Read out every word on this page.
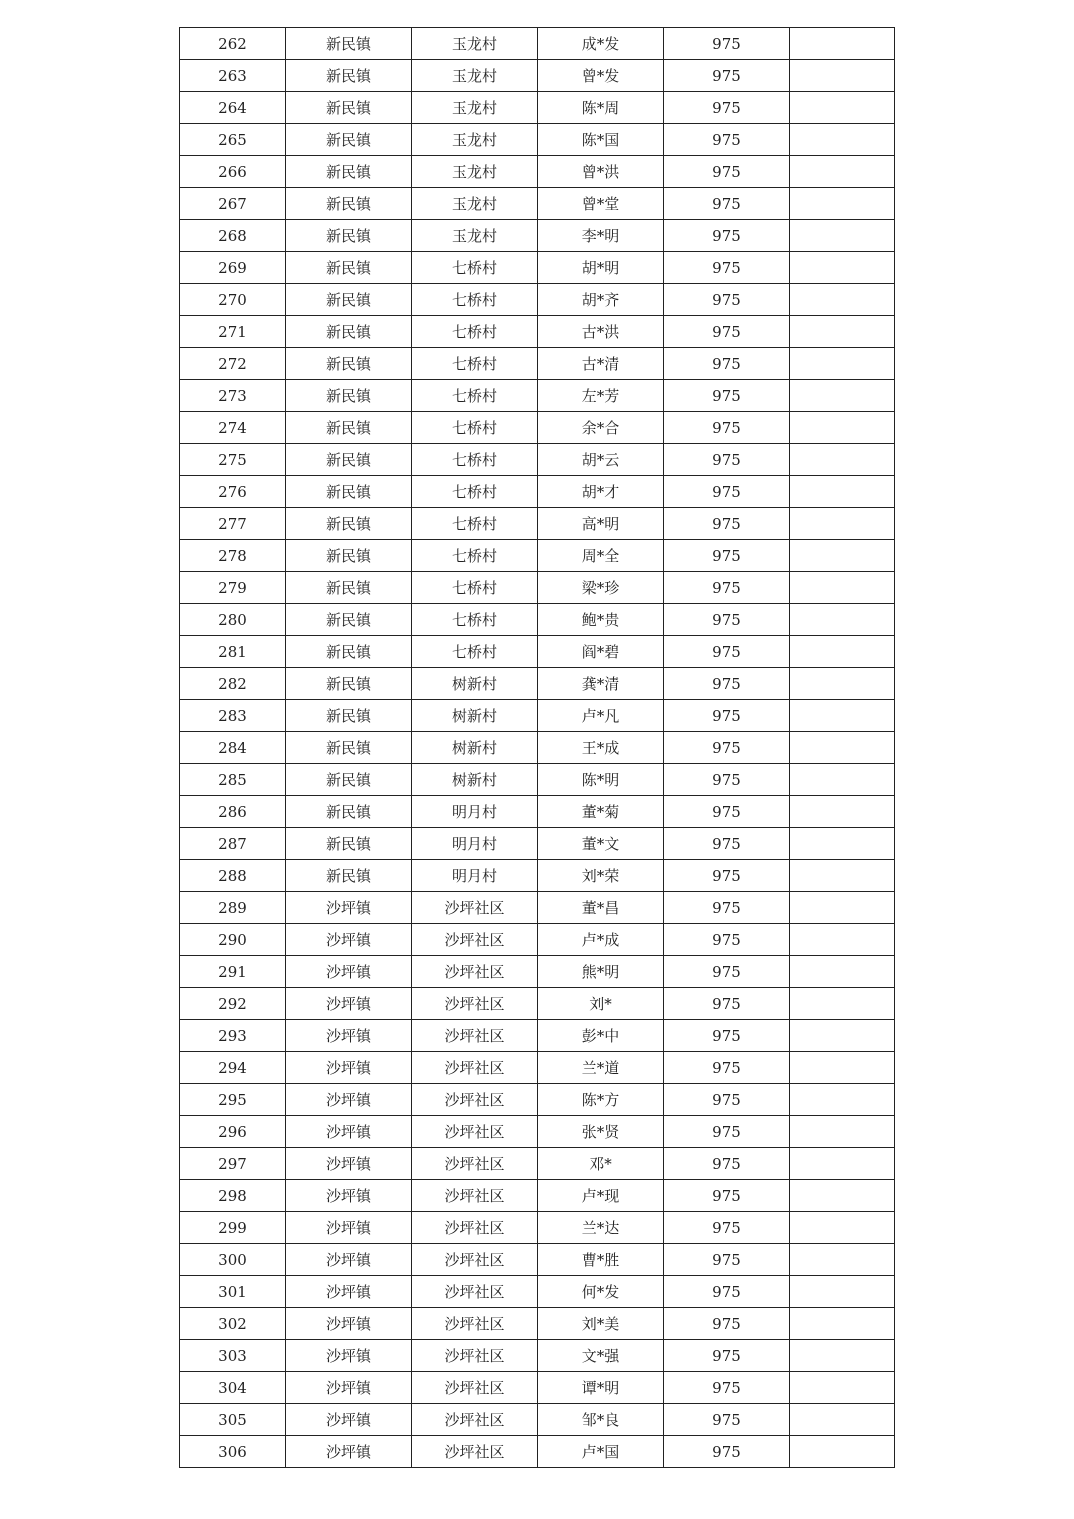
262	新民镇	玉龙村	成*发	975	
263	新民镇	玉龙村	曾*发	975	
264	新民镇	玉龙村	陈*周	975	
265	新民镇	玉龙村	陈*国	975	
266	新民镇	玉龙村	曾*洪	975	
267	新民镇	玉龙村	曾*堂	975	
268	新民镇	玉龙村	李*明	975	
269	新民镇	七桥村	胡*明	975	
270	新民镇	七桥村	胡*齐	975	
271	新民镇	七桥村	古*洪	975	
272	新民镇	七桥村	古*清	975	
273	新民镇	七桥村	左*芳	975	
274	新民镇	七桥村	余*合	975	
275	新民镇	七桥村	胡*云	975	
276	新民镇	七桥村	胡*才	975	
277	新民镇	七桥村	高*明	975	
278	新民镇	七桥村	周*全	975	
279	新民镇	七桥村	梁*珍	975	
280	新民镇	七桥村	鲍*贵	975	
281	新民镇	七桥村	阎*碧	975	
282	新民镇	树新村	龚*清	975	
283	新民镇	树新村	卢*凡	975	
284	新民镇	树新村	王*成	975	
285	新民镇	树新村	陈*明	975	
286	新民镇	明月村	董*菊	975	
287	新民镇	明月村	董*文	975	
288	新民镇	明月村	刘*荣	975	
289	沙坪镇	沙坪社区	董*昌	975	
290	沙坪镇	沙坪社区	卢*成	975	
291	沙坪镇	沙坪社区	熊*明	975	
292	沙坪镇	沙坪社区	刘*	975	
293	沙坪镇	沙坪社区	彭*中	975	
294	沙坪镇	沙坪社区	兰*道	975	
295	沙坪镇	沙坪社区	陈*方	975	
296	沙坪镇	沙坪社区	张*贤	975	
297	沙坪镇	沙坪社区	邓*	975	
298	沙坪镇	沙坪社区	卢*现	975	
299	沙坪镇	沙坪社区	兰*达	975	
300	沙坪镇	沙坪社区	曹*胜	975	
301	沙坪镇	沙坪社区	何*发	975	
302	沙坪镇	沙坪社区	刘*美	975	
303	沙坪镇	沙坪社区	文*强	975	
304	沙坪镇	沙坪社区	谭*明	975	
305	沙坪镇	沙坪社区	邹*良	975	
306	沙坪镇	沙坪社区	卢*国	975	
